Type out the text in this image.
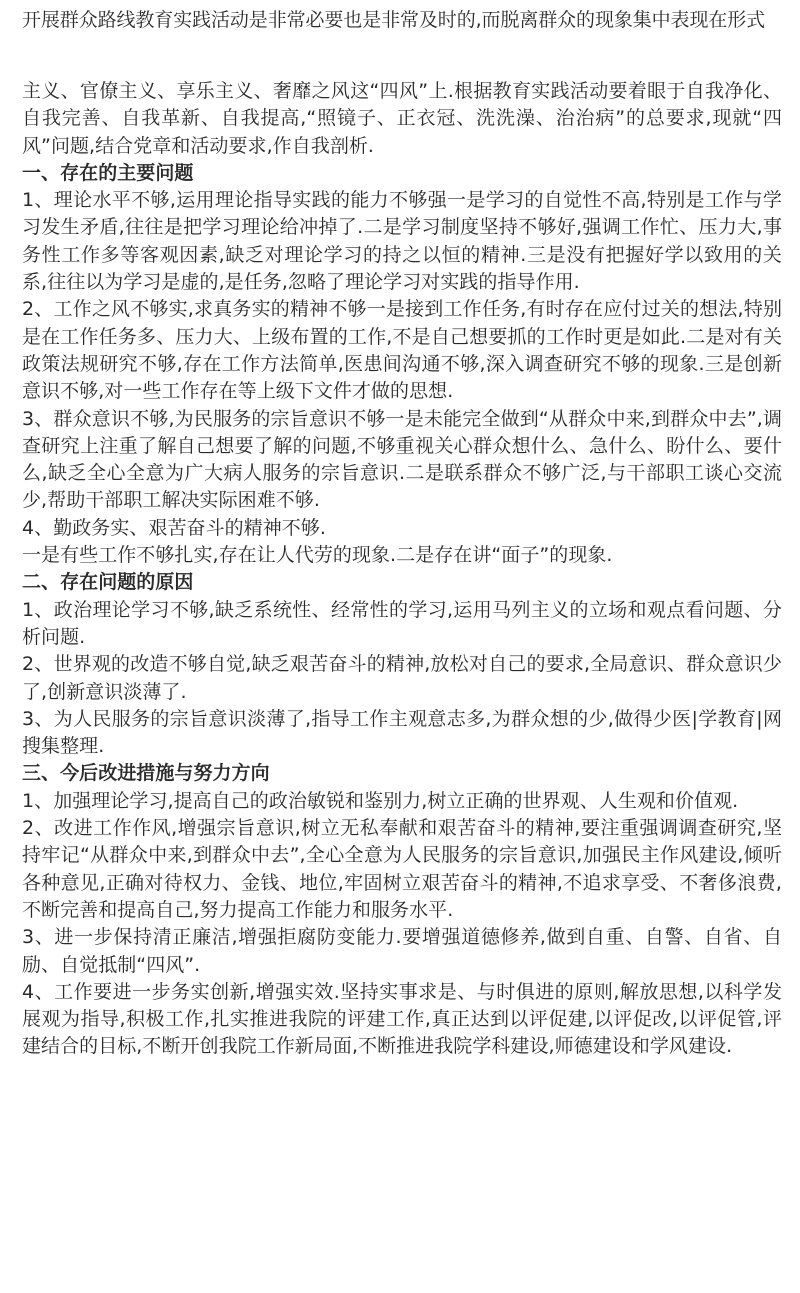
开展群众路线教育实践活动是非常必要也是非常及时的,而脱离群众的现象集中表现在形式

主义、官僚主义、享乐主义、奢靡之风这“四风”上.根据教育实践活动要着眼于自我净化、自我完善、自我革新、自我提高,“照镜子、正衣冠、洗洗澡、治治病”的总要求,现就“四风”问题,结合党章和活动要求,作自我剖析.

一、存在的主要问题

1、理论水平不够,运用理论指导实践的能力不够强一是学习的自觉性不高,特别是工作与学习发生矛盾,往往是把学习理论给冲掉了.二是学习制度坚持不够好,强调工作忙、压力大,事务性工作多等客观因素,缺乏对理论学习的持之以恒的精神.三是没有把握好学以致用的关系,往往以为学习是虚的,是任务,忽略了理论学习对实践的指导作用.

2、工作之风不够实,求真务实的精神不够一是接到工作任务,有时存在应付过关的想法,特别是在工作任务多、压力大、上级布置的工作,不是自己想要抓的工作时更是如此.二是对有关政策法规研究不够,存在工作方法简单,医患间沟通不够,深入调查研究不够的现象.三是创新意识不够,对一些工作存在等上级下文件才做的思想.

3、群众意识不够,为民服务的宗旨意识不够一是未能完全做到“从群众中来,到群众中去”,调查研究上注重了解自己想要了解的问题,不够重视关心群众想什么、急什么、盼什么、要什么,缺乏全心全意为广大病人服务的宗旨意识.二是联系群众不够广泛,与干部职工谈心交流少,帮助干部职工解决实际困难不够.

4、勤政务实、艰苦奋斗的精神不够.

一是有些工作不够扎实,存在让人代劳的现象.二是存在讲“面子”的现象.

二、存在问题的原因

1、政治理论学习不够,缺乏系统性、经常性的学习,运用马列主义的立场和观点看问题、分析问题.

2、世界观的改造不够自觉,缺乏艰苦奋斗的精神,放松对自己的要求,全局意识、群众意识少了,创新意识淡薄了.

3、为人民服务的宗旨意识淡薄了,指导工作主观意志多,为群众想的少,做得少医|学教育|网搜集整理.

三、今后改进措施与努力方向

1、加强理论学习,提高自己的政治敏锐和鉴别力,树立正确的世界观、人生观和价值观.

2、改进工作作风,增强宗旨意识,树立无私奉献和艰苦奋斗的精神,要注重强调调查研究,坚持牢记“从群众中来,到群众中去”,全心全意为人民服务的宗旨意识,加强民主作风建设,倾听各种意见,正确对待权力、金钱、地位,牢固树立艰苦奋斗的精神,不追求享受、不奢侈浪费,不断完善和提高自己,努力提高工作能力和服务水平.

3、进一步保持清正廉洁,增强拒腐防变能力.要增强道德修养,做到自重、自警、自省、自励、自觉抵制“四风”.

4、工作要进一步务实创新,增强实效.坚持实事求是、与时俱进的原则,解放思想,以科学发展观为指导,积极工作,扎实推进我院的评建工作,真正达到以评促建,以评促改,以评促管,评建结合的目标,不断开创我院工作新局面,不断推进我院学科建设,师德建设和学风建设.
